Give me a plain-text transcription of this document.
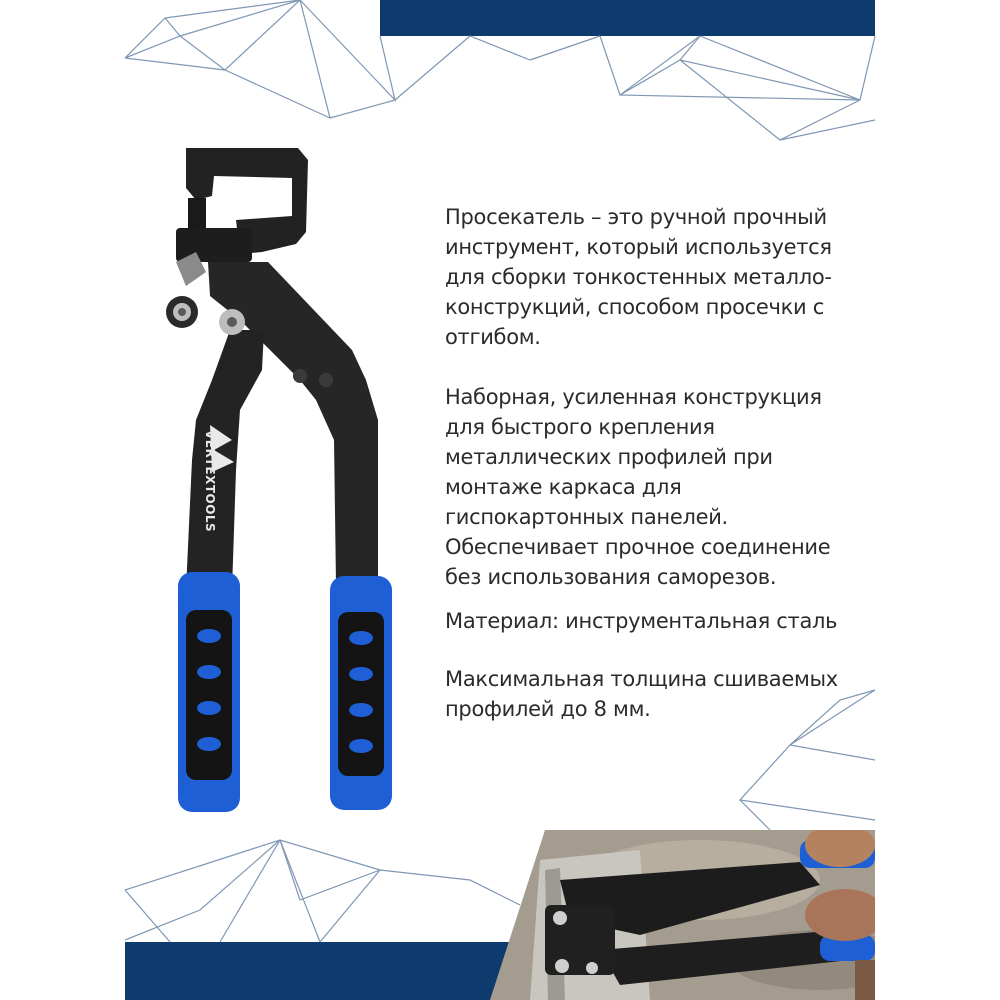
VERTEXTOOLS

Просекатель – это ручной прочный инструмент, который используется для сборки тонкостенных металло-конструкций, способом просечки с отгибом.

Наборная, усиленная конструкция для быстрого крепления металлических профилей при монтаже каркаса для гиспокартонных панелей. Обеспечивает прочное соединение без использования саморезов.

Материал: инструментальная сталь

Максимальная толщина сшиваемых профилей до 8 мм.
